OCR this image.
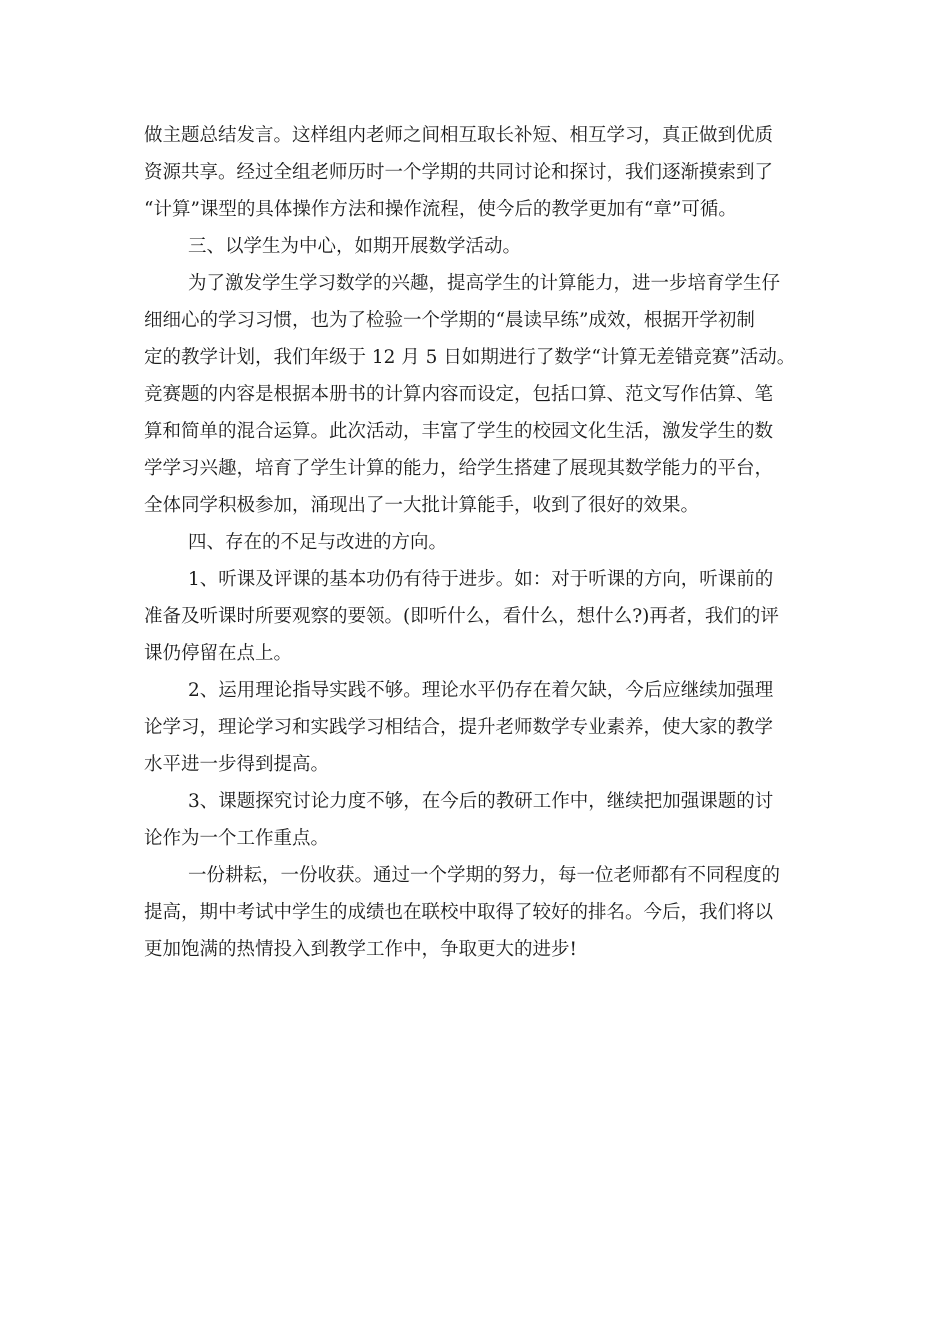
做主题总结发言。这样组内老师之间相互取长补短、相互学习，真正做到优质
资源共享。经过全组老师历时一个学期的共同讨论和探讨，我们逐渐摸索到了
“计算”课型的具体操作方法和操作流程，使今后的教学更加有“章”可循。
三、以学生为中心，如期开展数学活动。
为了激发学生学习数学的兴趣，提高学生的计算能力，进一步培育学生仔
细细心的学习习惯，也为了检验一个学期的“晨读早练”成效，根据开学初制
定的教学计划，我们年级于 12 月 5 日如期进行了数学“计算无差错竞赛”活动。
竞赛题的内容是根据本册书的计算内容而设定，包括口算、范文写作估算、笔
算和简单的混合运算。此次活动，丰富了学生的校园文化生活，激发学生的数
学学习兴趣，培育了学生计算的能力，给学生搭建了展现其数学能力的平台，
全体同学积极参加，涌现出了一大批计算能手，收到了很好的效果。
四、存在的不足与改进的方向。
1、听课及评课的基本功仍有待于进步。如：对于听课的方向，听课前的
准备及听课时所要观察的要领。(即听什么，看什么，想什么?)再者，我们的评
课仍停留在点上。
2、运用理论指导实践不够。理论水平仍存在着欠缺，今后应继续加强理
论学习，理论学习和实践学习相结合，提升老师数学专业素养，使大家的教学
水平进一步得到提高。
3、课题探究讨论力度不够，在今后的教研工作中，继续把加强课题的讨
论作为一个工作重点。
一份耕耘，一份收获。通过一个学期的努力，每一位老师都有不同程度的
提高，期中考试中学生的成绩也在联校中取得了较好的排名。今后，我们将以
更加饱满的热情投入到教学工作中，争取更大的进步!
